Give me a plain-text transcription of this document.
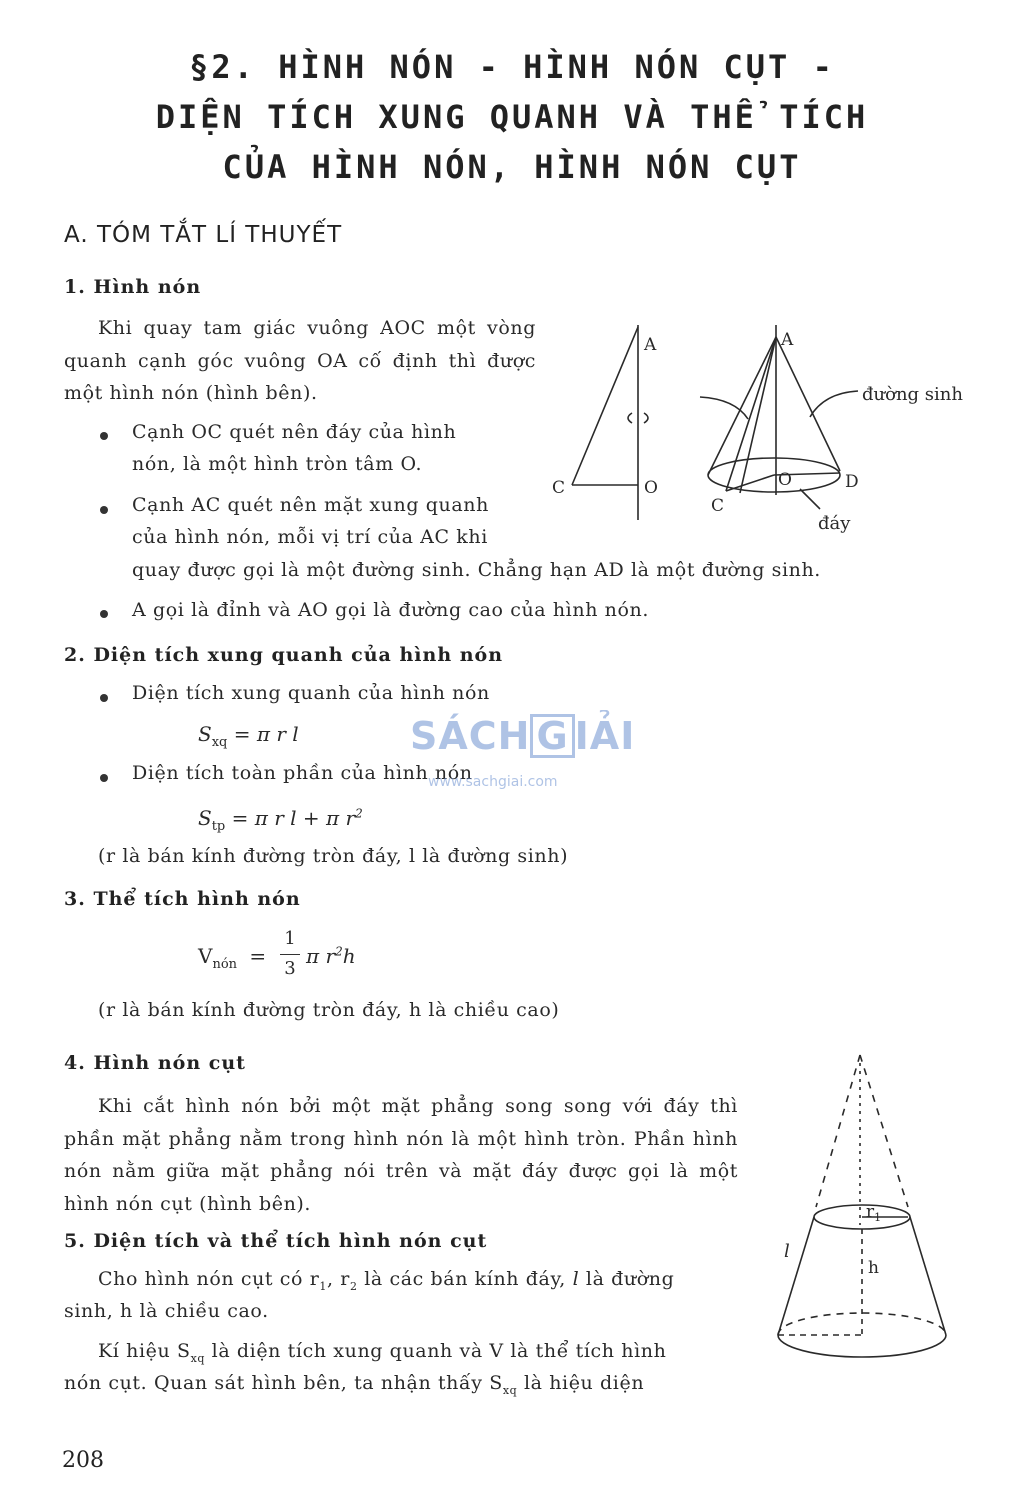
§2. HÌNH NÓN - HÌNH NÓN CỤT -
DIỆN TÍCH XUNG QUANH VÀ THỂ TÍCH
CỦA HÌNH NÓN, HÌNH NÓN CỤT
A. TÓM TẮT LÍ THUYẾT
1. Hình nón
Khi quay tam giác vuông AOC một vòng quanh cạnh góc vuông OA cố định thì được một hình nón (hình bên).
Cạnh OC quét nên đáy của hình
nón, là một hình tròn tâm O.
Cạnh AC quét nên mặt xung quanh
của hình nón, mỗi vị trí của AC khi
quay được gọi là một đường sinh. Chẳng hạn AD là một đường sinh.
A gọi là đỉnh và AO gọi là đường cao của hình nón.
A
C	O
A
C
O	D
đường sinh
đáy
2. Diện tích xung quanh của hình nón
Diện tích xung quanh của hình nón
$S_{xq} = \pi$ r l
Diện tích toàn phần của hình nón
$S_{tp} = \pi$ r l + π $r^2$
(r là bán kính đường tròn đáy, l là đường sinh)
SÁCH G IẢI
www.sachgiai.com
3. Thể tích hình nón
$V_{nón}$ =
1
3
π $r^2h$
(r là bán kính đường tròn đáy, h là chiều cao)
4. Hình nón cụt
Khi cắt hình nón bởi một mặt phẳng song song với đáy thì phần mặt phẳng nằm trong hình nón là một hình tròn. Phần hình nón nằm giữa mặt phẳng nói trên và mặt đáy được gọi là một hình nón cụt (hình bên).
5. Diện tích và thể tích hình nón cụt
Cho hình nón cụt có $r_1$, $r_2$ là các bán kính đáy, l là đường
sinh, h là chiều cao.
Kí hiệu $S_{xq}$ là diện tích xung quanh và V là thể tích hình
nón cụt. Quan sát hình bên, ta nhận thấy $S_{xq}$ là hiệu diện
$r_1$
h
l
208
